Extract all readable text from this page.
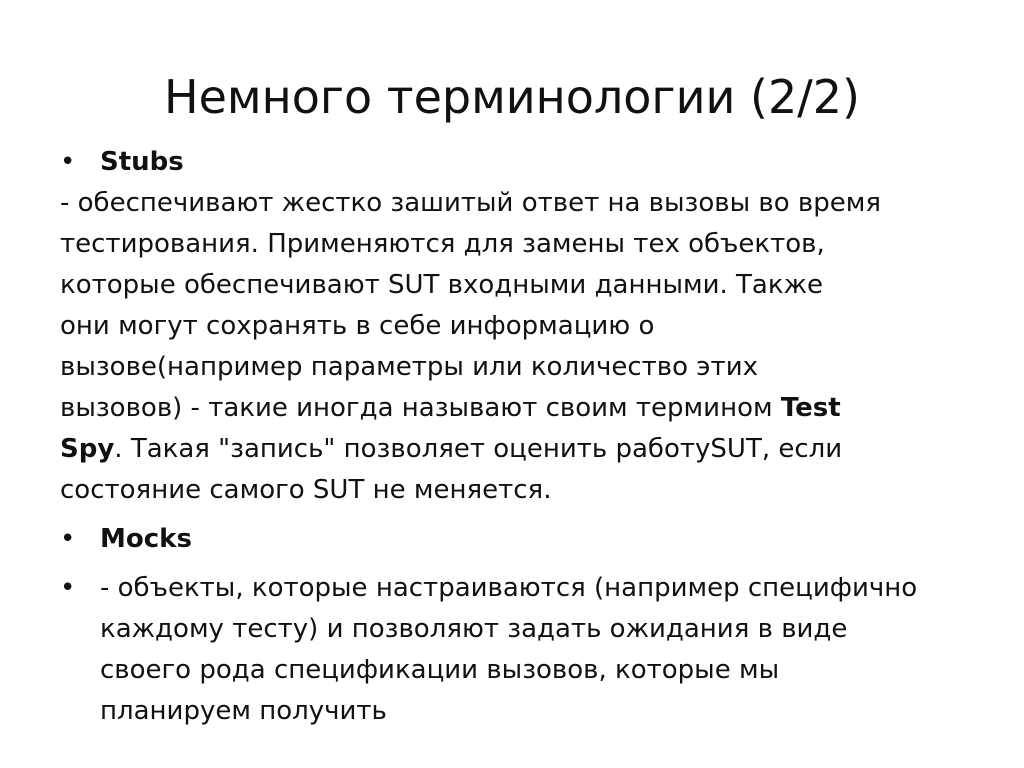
Немного терминологии (2/2)
• Stubs
- обеспечивают жестко зашитый ответ на вызовы во время
тестирования. Применяются для замены тех объектов,
которые обеспечивают SUT входными данными. Также
они могут сохранять в себе информацию о
вызове(например параметры или количество этих
вызовов) - такие иногда называют своим термином Test
Spy. Такая "запись" позволяет оценить работуSUT, если
состояние самого SUT не меняется.
• Mocks
• - объекты, которые настраиваются (например специфично
каждому тесту) и позволяют задать ожидания в виде
своего рода спецификации вызовов, которые мы
планируем получить
